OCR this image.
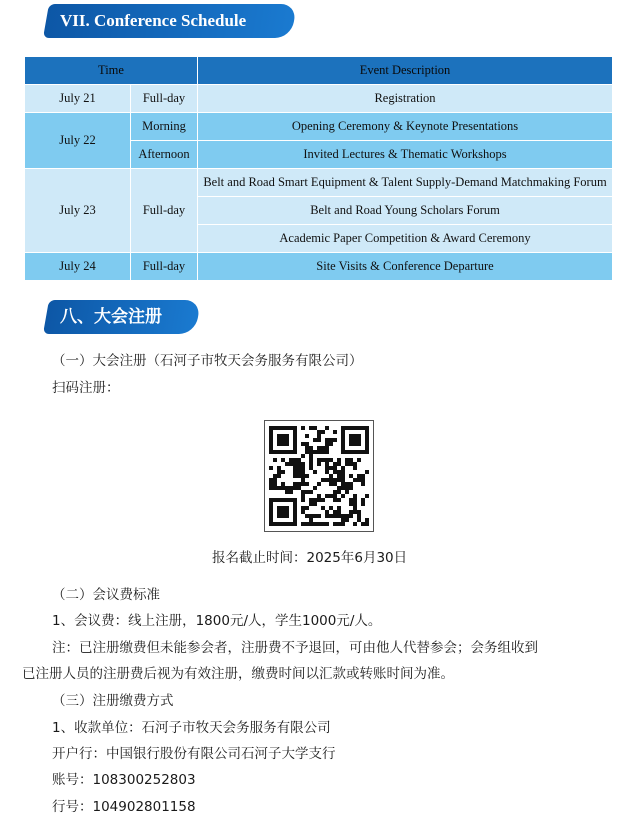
VII. Conference Schedule
Time		Event Description
July 21	Full-day	Registration
July 22	Morning	Opening Ceremony & Keynote Presentations
	Afternoon	Invited Lectures & Thematic Workshops
July 23	Full-day	Belt and Road Smart Equipment & Talent Supply-Demand Matchmaking Forum
		Belt and Road Young Scholars Forum
		Academic Paper Competition & Award Ceremony
July 24	Full-day	Site Visits & Conference Departure
八、大会注册
（一）大会注册（石河子市牧天会务服务有限公司）
扫码注册：
报名截止时间：2025年6月30日
（二）会议费标准
1、会议费：线上注册，1800元/人，学生1000元/人。
注：已注册缴费但未能参会者，注册费不予退回，可由他人代替参会；会务组收到
已注册人员的注册费后视为有效注册，缴费时间以汇款或转账时间为准。
（三）注册缴费方式
1、收款单位：石河子市牧天会务服务有限公司
开户行：中国银行股份有限公司石河子大学支行
账号：108300252803
行号：104902801158
